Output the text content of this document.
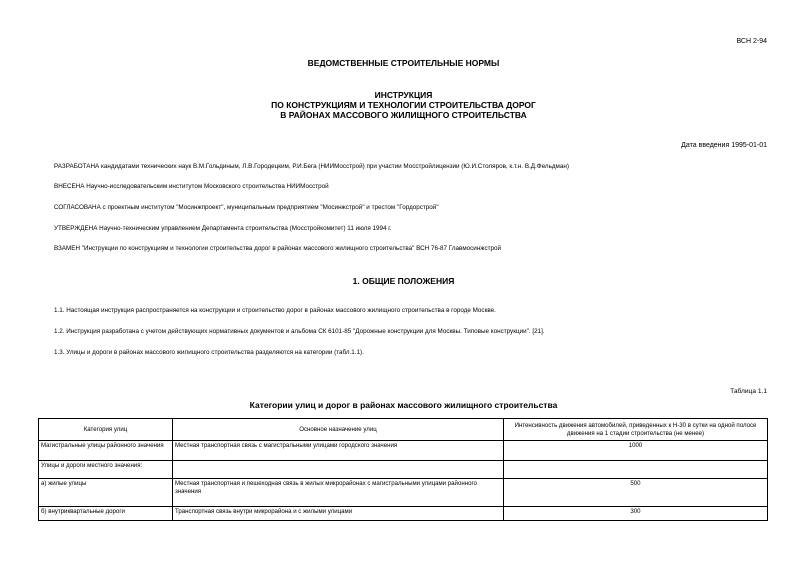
ВСН 2-94
ВЕДОМСТВЕННЫЕ СТРОИТЕЛЬНЫЕ НОРМЫ
ИНСТРУКЦИЯ
ПО КОНСТРУКЦИЯМ И ТЕХНОЛОГИИ СТРОИТЕЛЬСТВА ДОРОГ
В РАЙОНАХ МАССОВОГО ЖИЛИЩНОГО СТРОИТЕЛЬСТВА
Дата введения 1995-01-01
РАЗРАБОТАНА кандидатами технических наук В.М.Гольдиным, Л.В.Городецким, Р.И.Бега (НИИМосстрой) при участии Мосстройлицензии (Ю.И.Столяров, к.т.н. В.Д.Фельдман)
ВНЕСЕНА Научно-исследовательским институтом Московского строительства НИИМосстрой
СОГЛАСОВАНА с проектным институтом "Мосинжпроект", муниципальным предприятием "Мосинжстрой" и трестом "Гордорстрой"
УТВЕРЖДЕНА Научно-техническим управлением Департамента строительства (Мосстройкомитет) 11 июля 1994 г.
ВЗАМЕН "Инструкции по конструкциям и технологии строительства дорог в районах массового жилищного строительства" ВСН 76-87 Главмосинжстрой
1. ОБЩИЕ ПОЛОЖЕНИЯ
1.1. Настоящая инструкция распространяется на конструкции и строительство дорог в районах массового жилищного строительства в городе Москве.
1.2. Инструкция разработана с учетом действующих нормативных документов и альбома СК 6101-85 "Дорожные конструкции для Москвы. Типовые конструкции". [21].
1.3. Улицы и дороги в районах массового жилищного строительства разделяются на категории (табл.1.1).
Таблица 1.1
Категории улиц и дорог в районах массового жилищного строительства
Категория улиц	Основное назначение улиц	Интенсивность движения автомобилей, приведенных к Н-30 в сутки на одной полосе движения на 1 стадии строительства (не менее)
Магистральные улицы районного значения	Местная транспортная связь с магистральными улицами городского значения	1000
Улицы и дороги местного значения:		
а) жилые улицы	Местная транспортная и пешеходная связь в жилых микрорайонах с магистральными улицами районного значения	500
б) внутриквартальные дороги	Транспортная связь внутри микрорайона и с жилыми улицами	300
